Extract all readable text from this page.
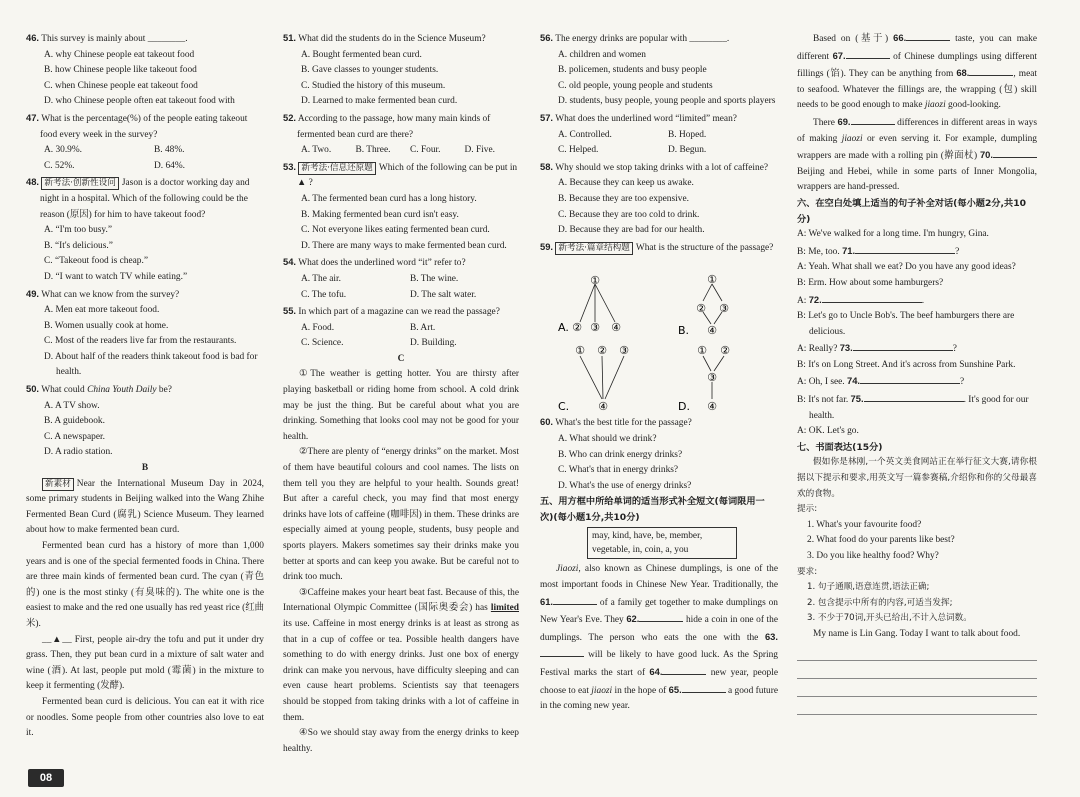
46. This survey is mainly about ________.

A. why Chinese people eat takeout food

B. how Chinese people like takeout food

C. when Chinese people eat takeout food

D. who Chinese people often eat takeout food with

47. What is the percentage(%) of the people eating takeout food every week in the survey?

A. 30.9%.	B. 48%.
C. 52%.	D. 64%.

48. 新考法·创新性设问 Jason is a doctor working day and night in a hospital. Which of the following could be the reason (原因) for him to have takeout food?

A. “I'm too busy.”

B. “It's delicious.”

C. “Takeout food is cheap.”

D. “I want to watch TV while eating.”

49. What can we know from the survey?

A. Men eat more takeout food.

B. Women usually cook at home.

C. Most of the readers live far from the restaurants.

D. About half of the readers think takeout food is bad for health.

50. What could China Youth Daily be?

A. A TV show.

B. A guidebook.

C. A newspaper.

D. A radio station.

B

新素材 Near the International Museum Day in 2024, some primary students in Beijing walked into the Wang Zhihe Fermented Bean Curd (腐乳) Science Museum. They learned about how to make fermented bean curd.

Fermented bean curd has a history of more than 1,000 years and is one of the special fermented foods in China. There are three main kinds of fermented bean curd. The cyan (青色的) one is the most stinky (有臭味的). The white one is the easiest to make and the red one usually has red yeast rice (红曲米).

__▲__ First, people air-dry the tofu and put it under dry grass. Then, they put bean curd in a mixture of salt water and wine (酒). At last, people put mold (霉菌) in the mixture to keep it fermenting (发酵).

Fermented bean curd is delicious. You can eat it with rice or noodles. Some people from other countries also love to eat it.

51. What did the students do in the Science Museum?

A. Bought fermented bean curd.

B. Gave classes to younger students.

C. Studied the history of this museum.

D. Learned to make fermented bean curd.

52. According to the passage, how many main kinds of fermented bean curd are there?

A. Two.	B. Three.	C. Four.	D. Five.

53. 新考法·信息还原题 Which of the following can be put in ▲ ?

A. The fermented bean curd has a long history.

B. Making fermented bean curd isn't easy.

C. Not everyone likes eating fermented bean curd.

D. There are many ways to make fermented bean curd.

54. What does the underlined word “it” refer to?

A. The air.	B. The wine.
C. The tofu.	D. The salt water.

55. In which part of a magazine can we read the passage?

A. Food.	B. Art.
C. Science.	D. Building.

C

①The weather is getting hotter. You are thirsty after playing basketball or riding home from school. A cold drink may be just the thing. But be careful about what you are drinking. Something that looks cool may not be good for your health.

②There are plenty of “energy drinks” on the market. Most of them have beautiful colours and cool names. The lists on them tell you they are helpful to your health. Sounds great! But after a careful check, you may find that most energy drinks have lots of caffeine (咖啡因) in them. These drinks are especially aimed at young people, students, busy people and sports players. Makers sometimes say their drinks make you better at sports and can keep you awake. But be careful not to drink too much.

③Caffeine makes your heart beat fast. Because of this, the International Olympic Committee (国际奥委会) has limited its use. Caffeine in most energy drinks is at least as strong as that in a cup of coffee or tea. Possible health dangers have something to do with energy drinks. Just one box of energy drink can make you nervous, have difficulty sleeping and can even cause heart problems. Scientists say that teenagers should be stopped from taking drinks with a lot of caffeine in them.

④So we should stay away from the energy drinks to keep healthy.

56. The energy drinks are popular with ________.

A. children and women

B. policemen, students and busy people

C. old people, young people and students

D. students, busy people, young people and sports players

57. What does the underlined word “limited” mean?

A. Controlled.	B. Hoped.
C. Helped.	D. Begun.

58. Why should we stop taking drinks with a lot of caffeine?

A. Because they can keep us awake.

B. Because they are too expensive.

C. Because they are too cold to drink.

D. Because they are bad for our health.

59. 新考法·篇章结构题 What is the structure of the passage?

①
② ③ ④
A.
①
② ③
④
B.
① ② ③
④
C.
① ②
③
④
D.

60. What's the best title for the passage?

A. What should we drink?

B. Who can drink energy drinks?

C. What's that in energy drinks?

D. What's the use of energy drinks?

五、用方框中所给单词的适当形式补全短文(每词限用一次)(每小题1分,共10分)

may, kind, have, be, member, vegetable, in, coin, a, you

Jiaozi, also known as Chinese dumplings, is one of the most important foods in Chinese New Year. Traditionally, the 61.	of a family get together to make dumplings on New Year's Eve. They 62.	hide a coin in one of the dumplings. The person who eats the one with the 63. will be likely to have good luck. As the Spring Festival marks the start of 64.	new year, people choose to eat jiaozi in the hope of 65.	a good future in the coming new year.

Based on (基于) 66.	taste, you can make different 67.	of Chinese dumplings using different fillings (馅). They can be anything from 68.	, meat to seafood. Whatever the fillings are, the wrapping (包) skill needs to be good enough to make jiaozi good-looking.

There 69.	differences in different areas in ways of making jiaozi or even serving it. For example, dumpling wrappers are made with a rolling pin (擀面杖) 70. Beijing and Hebei, while in some parts of Inner Mongolia, wrappers are hand-pressed.

六、在空白处填上适当的句子补全对话(每小题2分,共10分)

A: We've walked for a long time. I'm hungry, Gina.

B: Me, too. 71.	?

A: Yeah. What shall we eat? Do you have any good ideas?

B: Erm. How about some hamburgers?

A: 72.	.

B: Let's go to Uncle Bob's. The beef hamburgers there are delicious.

A: Really? 73.	?

B: It's on Long Street. And it's across from Sunshine Park.

A: Oh, I see. 74.	?

B: It's not far. 75.	. It's good for our health.

A: OK. Let's go.

七、书面表达(15分)

假如你是林刚,一个英文美食网站正在举行征文大赛,请你根据以下提示和要求,用英文写一篇参赛稿,介绍你和你的父母最喜欢的食物。

提示:

1. What's your favourite food?

2. What food do your parents like best?

3. Do you like healthy food? Why?

要求:

1. 句子通顺,语意连贯,语法正确;

2. 包含提示中所有的内容,可适当发挥;

3. 不少于70词,开头已给出,不计入总词数。

My name is Lin Gang. Today I want to talk about food.

08
